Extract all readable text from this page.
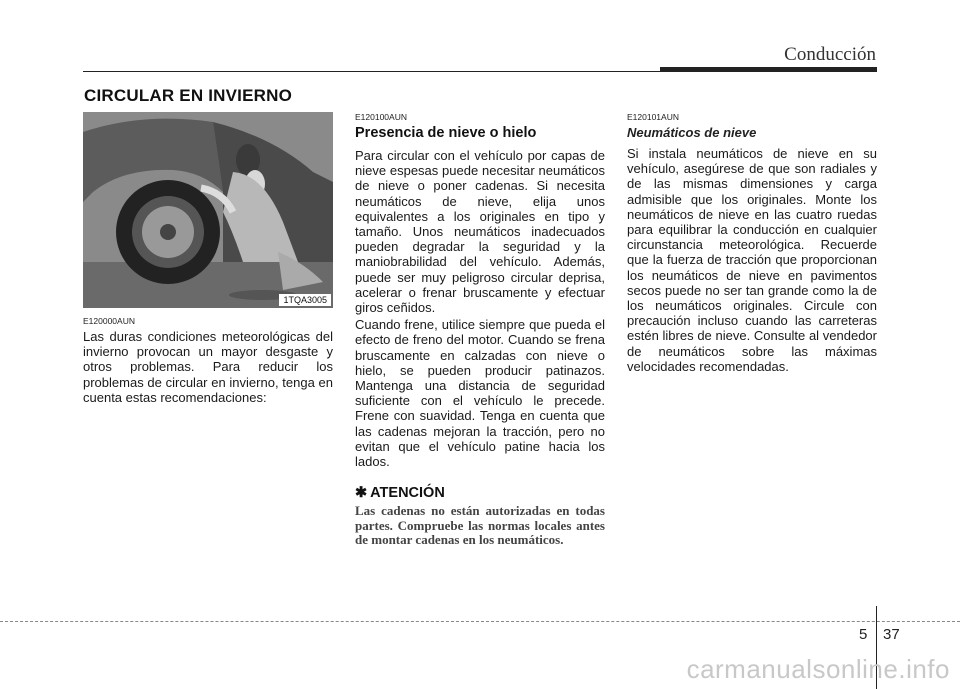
Conducción
CIRCULAR EN INVIERNO
1TQA3005
E120000AUN

Las duras condiciones meteorológicas del invierno provocan un mayor desgaste y otros problemas. Para reducir los problemas de circular en invierno, tenga en cuenta estas recomendaciones:

E120100AUN
Presencia de nieve o hielo

Para circular con el vehículo por capas de nieve espesas puede necesitar neumáticos de nieve o poner cadenas. Si necesita neumáticos de nieve, elija unos equivalentes a los originales en tipo y tamaño. Unos neumáticos inadecuados pueden degradar la seguridad y la maniobrabilidad del vehículo. Además, puede ser muy peligroso circular deprisa, acelerar o frenar bruscamente y efectuar giros ceñidos.

Cuando frene, utilice siempre que pueda el efecto de freno del motor. Cuando se frena bruscamente en calzadas con nieve o hielo, se pueden producir patinazos. Mantenga una distancia de seguridad suficiente con el vehículo le precede. Frene con suavidad. Tenga en cuenta que las cadenas mejoran la tracción, pero no evitan que el vehículo patine hacia los lados.

✱ ATENCIÓN

Las cadenas no están autorizadas en todas partes. Compruebe las normas locales antes de montar cadenas en los neumáticos.

E120101AUN
Neumáticos de nieve

Si instala neumáticos de nieve en su vehículo, asegúrese de que son radiales y de las mismas dimensiones y carga admisible que los originales. Monte los neumáticos de nieve en las cuatro ruedas para equilibrar la conducción en cualquier circunstancia meteorológica. Recuerde que la fuerza de tracción que proporcionan los neumáticos de nieve en pavimentos secos puede no ser tan grande como la de los neumáticos originales. Circule con precaución incluso cuando las carreteras estén libres de nieve. Consulte al vendedor de neumáticos sobre las máximas velocidades recomendadas.

5 37
carmanualsonline.info
